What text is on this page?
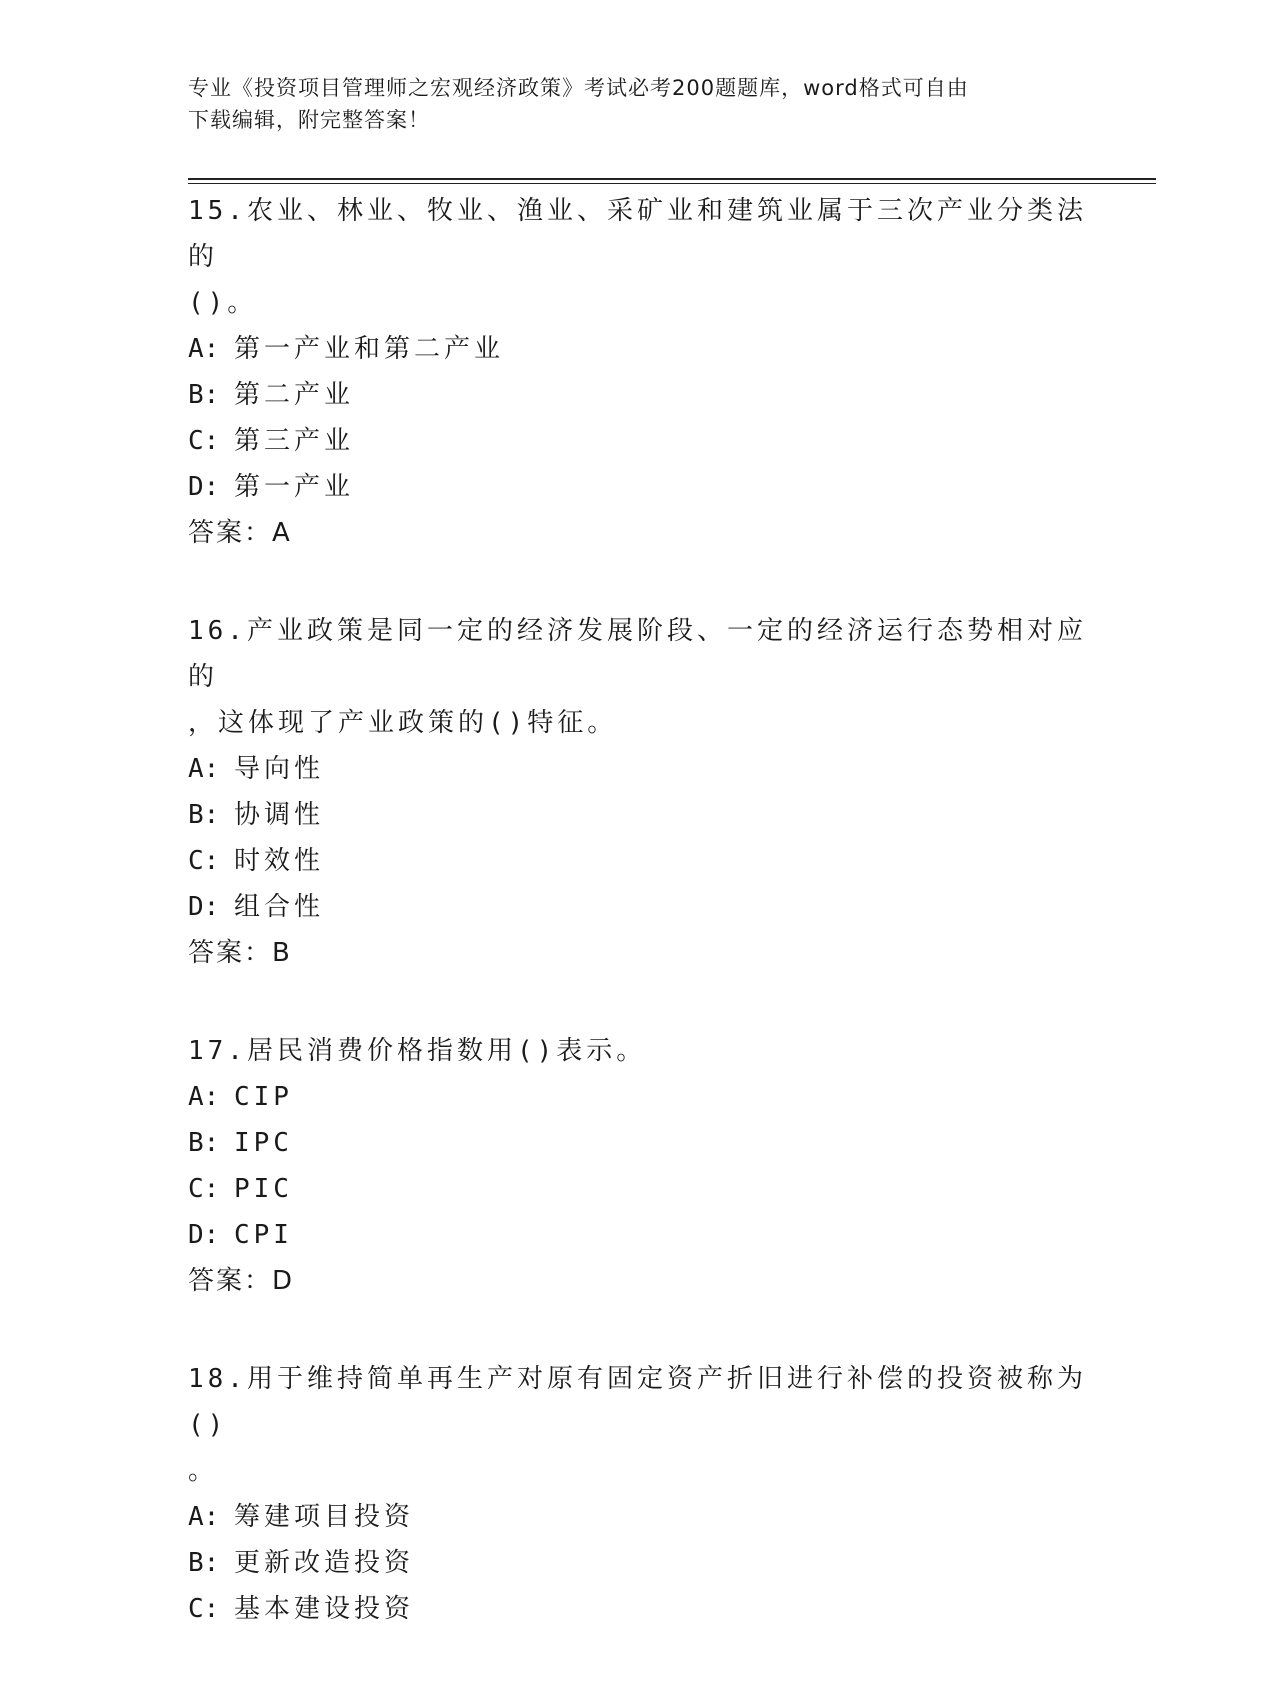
专业《投资项目管理师之宏观经济政策》考试必考200题题库，word格式可自由
下载编辑，附完整答案！

15.农业、林业、牧业、渔业、采矿业和建筑业属于三次产业分类法的

()。

A: 第一产业和第二产业

B: 第二产业

C: 第三产业

D: 第一产业

答案：A

16.产业政策是同一定的经济发展阶段、一定的经济运行态势相对应的

，这体现了产业政策的()特征。

A: 导向性

B: 协调性

C: 时效性

D: 组合性

答案：B

17.居民消费价格指数用()表示。

A: CIP

B: IPC

C: PIC

D: CPI

答案：D

18.用于维持简单再生产对原有固定资产折旧进行补偿的投资被称为()

。

A: 筹建项目投资

B: 更新改造投资

C: 基本建设投资
